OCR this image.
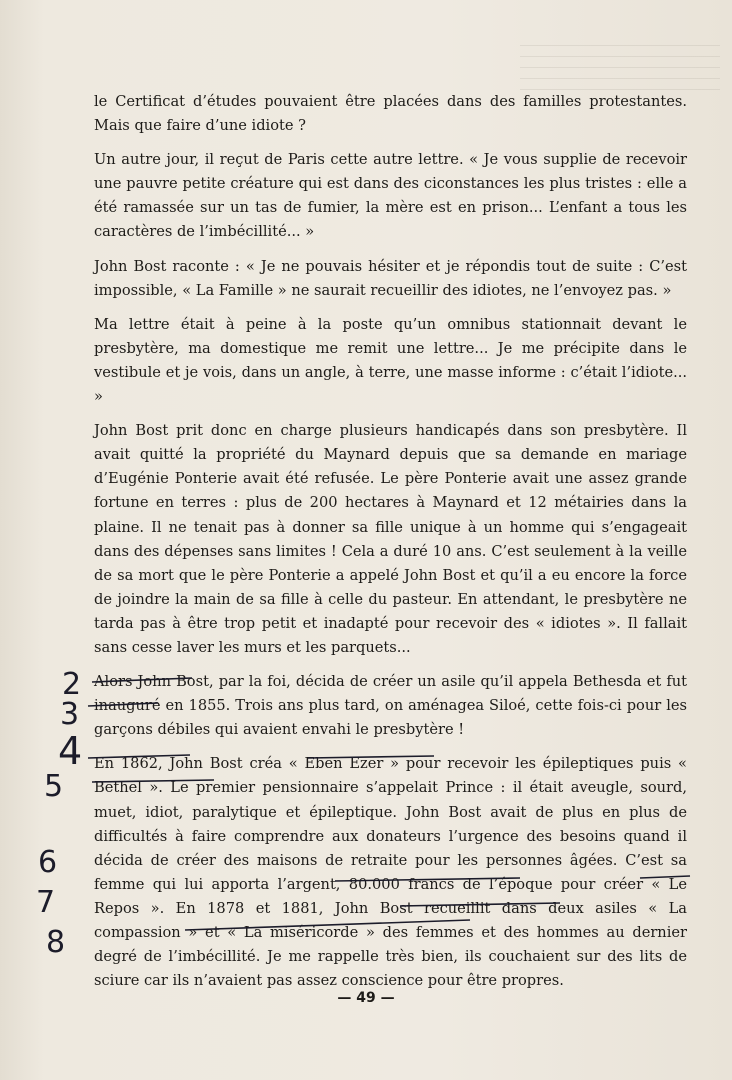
le Certificat d’études pouvaient être placées dans des familles protestantes. Mais que faire d’une idiote ?

Un autre jour, il reçut de Paris cette autre lettre. « Je vous supplie de recevoir une pauvre petite créature qui est dans des ciconstances les plus tristes : elle a été ramassée sur un tas de fumier, la mère est en prison... L’enfant a tous les caractères de l’imbécillité... »

John Bost raconte : « Je ne pouvais hésiter et je répondis tout de suite : C’est impossible, « La Famille » ne saurait recueillir des idiotes, ne l’envoyez pas. »

Ma lettre était à peine à la poste qu’un omnibus stationnait devant le presbytère, ma domestique me remit une lettre... Je me précipite dans le vestibule et je vois, dans un angle, à terre, une masse informe : c’était l’idiote... »

John Bost prit donc en charge plusieurs handicapés dans son presbytère. Il avait quitté la propriété du Maynard depuis que sa demande en mariage d’Eugénie Ponterie avait été refusée. Le père Ponterie avait une assez grande fortune en terres : plus de 200 hectares à Maynard et 12 métairies dans la plaine. Il ne tenait pas à donner sa fille unique à un homme qui s’engageait dans des dépenses sans limites ! Cela a duré 10 ans. C’est seulement à la veille de sa mort que le père Ponterie a appelé John Bost et qu’il a eu encore la force de joindre la main de sa fille à celle du pasteur. En attendant, le presbytère ne tarda pas à être trop petit et inadapté pour recevoir des « idiotes ». Il fallait sans cesse laver les murs et les parquets...

Alors John Bost, par la foi, décida de créer un asile qu’il appela Bethesda et fut inauguré en 1855. Trois ans plus tard, on aménagea Siloé, cette fois-ci pour les garçons débiles qui avaient envahi le presbytère !

En 1862, John Bost créa « Eben Ezer » pour recevoir les épileptiques puis « Bethel ». Le premier pensionnaire s’appelait Prince : il était aveugle, sourd, muet, idiot, paralytique et épileptique. John Bost avait de plus en plus de difficultés à faire comprendre aux donateurs l’urgence des besoins quand il décida de créer des maisons de retraite pour les personnes âgées. C’est sa femme qui lui apporta l’argent, 80.000 francs de l’époque pour créer « Le Repos ». En 1878 et 1881, John Bost recueillit dans deux asiles « La compassion » et « La miséricorde » des femmes et des hommes au dernier degré de l’imbécillité. Je me rappelle très bien, ils couchaient sur des lits de sciure car ils n’avaient pas assez conscience pour être propres.

2
3
4
5
6
7
8
— 49 —
